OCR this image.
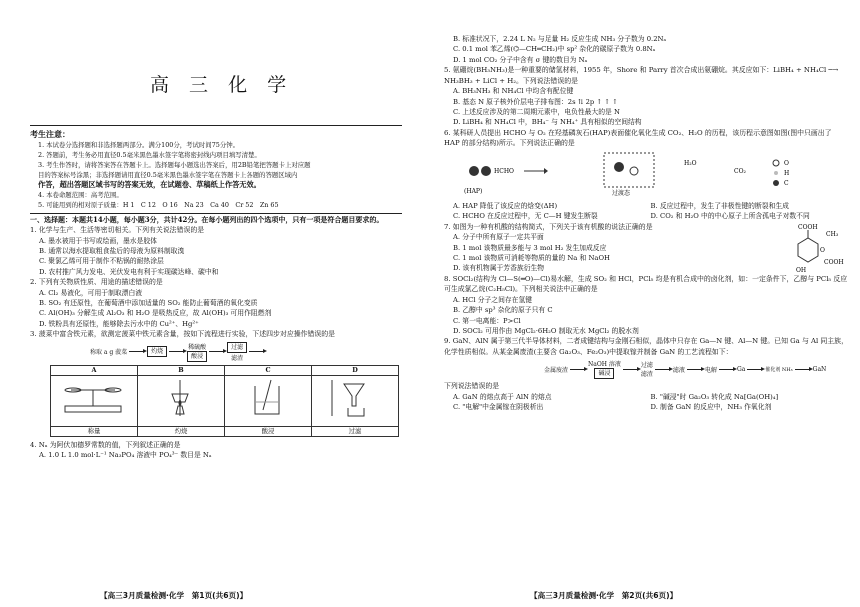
高 三 化 学
考生注意：
1. 本试卷分选择题和非选择题两部分。满分100分，考试时间75分钟。
2. 答题前，考生务必用直径0.5毫米黑色墨水签字笔将密封线内项目填写清楚。
3. 考生作答时，请将答案答在答题卡上。选择题每小题选出答案后，用2B铅笔把答题卡上对应题
目的答案标号涂黑；非选择题请用直径0.5毫米黑色墨水签字笔在答题卡上各题的答题区域内
作答，超出答题区域书写的答案无效，在试题卷、草稿纸上作答无效。
4. 本卷命题范围：高考范围。
5. 可能用到的相对原子质量：H 1　C 12　O 16　Na 23　Ca 40　Cr 52　Zn 65
一、选择题：本题共14小题，每小题3分，共计42分。在每小题列出的四个选项中，只有一项是符合题目要求的。
1. 化学与生产、生活等密切相关。下列有关说法错误的是
A. 墨水被用于书写或绘画，墨水是胶体
B. 通常以海水提取粗食盐后的母液为原料制取溴
C. 聚氯乙烯可用于制作不粘锅的耐热涂层
D. 农村推广风力发电、光伏发电有利于实现碳达峰、碳中和
2. 下列有关物质性质、用途的描述错误的是
A. Cl₂ 易液化，可用于制取漂白液
B. SO₂ 有还原性，在葡萄酒中添加适量的 SO₂ 能防止葡萄酒的氧化变质
C. Al(OH)₃ 分解生成 Al₂O₃ 和 H₂O 是吸热反应，故 Al(OH)₃ 可用作阻燃剂
D. 铁粉具有还原性，能够除去污水中的 Cu²⁺、Hg²⁺
3. 菠菜中富含铁元素，欲测定菠菜中铁元素含量，按如下流程进行实验，下述四步对应操作错误的是
称取 a g 菠菜	灼烧
稀硫酸
酸浸
过滤
滤渣
A
称量
B
灼烧
C
酸浸
D
过滤
4. Nₐ 为阿伏加德罗常数的值，下列叙述正确的是
A. 1.0 L 1.0 mol·L⁻¹ Na₃PO₄ 溶液中 PO₄³⁻ 数目是 Nₐ
【高三3月质量检测·化学　第1页(共6页)】
B. 标准状况下，2.24 L N₂ 与足量 H₂ 反应生成 NH₃ 分子数为 0.2Nₐ
C. 0.1 mol 苯乙烯(⌬—CH═CH₂)中 sp² 杂化的碳原子数为 0.8Nₐ
D. 1 mol CO₂ 分子中含有 σ 键的数目为 Nₐ
5. 氨硼烷(BH₃NH₃)是一种重要的储氢材料，1955 年，Shore 和 Parry 首次合成出氨硼烷。其反应如下：LiBH₄ + NH₄Cl ─→ NH₃BH₃ + LiCl + H₂。下列说法错误的是
A. BH₃NH₃ 和 NH₄Cl 中均含有配位键
B. 基态 N 原子核外价层电子排布图：2s ⇅ 2p ↑ ↑ ↑
C. 上述反应涉及的第二周期元素中，电负性最大的是 N
D. LiBH₄ 和 NH₄Cl 中，BH₄⁻ 与 NH₄⁺ 具有相似的空间结构
6. 某科研人员提出 HCHO 与 O₂ 在羟基磷灰石(HAP)表面催化氧化生成 CO₂、H₂O 的历程，该历程示意图如图(图中只画出了 HAP 的部分结构)所示。下列说法正确的是
HCHO
(HAP)	过渡态
H₂O
CO₂
O
H
C
A. HAP 降低了该反应的焓变(ΔH)	B. 反应过程中，发生了非极性键的断裂和生成
C. HCHO 在反应过程中，无 C—H 键发生断裂	D. CO₂ 和 H₂O 中的中心原子上所含孤电子对数不同
7. 如图为一种有机酸的结构简式，下列关于该有机酸的说法正确的是
A. 分子中所有原子一定共平面
B. 1 mol 该物质最多能与 3 mol H₂ 发生加成反应
C. 1 mol 该物质可消耗等物质的量的 Na 和 NaOH
D. 该有机物属于芳香族衍生物
COOH
CH₃
O
COOH
OH
8. SOCl₂(结构为 Cl—S(═O)—Cl)易水解，生成 SO₂ 和 HCl，PCl₅ 均是有机合成中的卤化剂，如：一定条件下，乙醇与 PCl₅ 反应可生成氯乙烷(C₂H₅Cl)。下列相关说法中正确的是
A. HCl 分子之间存在氢键
B. 乙醇中 sp³ 杂化的原子只有 C
C. 第一电离能：P>Cl
D. SOCl₂ 可用作由 MgCl₂·6H₂O 制取无水 MgCl₂ 的脱水剂
9. GaN、AlN 属于第三代半导体材料，二者成键结构与金刚石相似，晶体中只存在 Ga—N 键、Al—N 键。已知 Ga 与 Al 同主族，化学性质相似。从某金属废渣(主要含 Ga₂O₃、Fe₂O₃)中提取镓并制备 GaN 的工艺流程如下：
金属废渣
NaOH 溶液
碱浸
过滤
滤渣
滤液	电解	Ga	催化剂 NH₃	GaN
下列说法错误的是
A. GaN 的熔点高于 AlN 的熔点	B. "碱浸"时 Ga₂O₃ 转化成 Na[Ga(OH)₄]
C. "电解"中金属镓在阴极析出	D. 制备 GaN 的反应中，NH₃ 作氧化剂
【高三3月质量检测·化学　第2页(共6页)】
